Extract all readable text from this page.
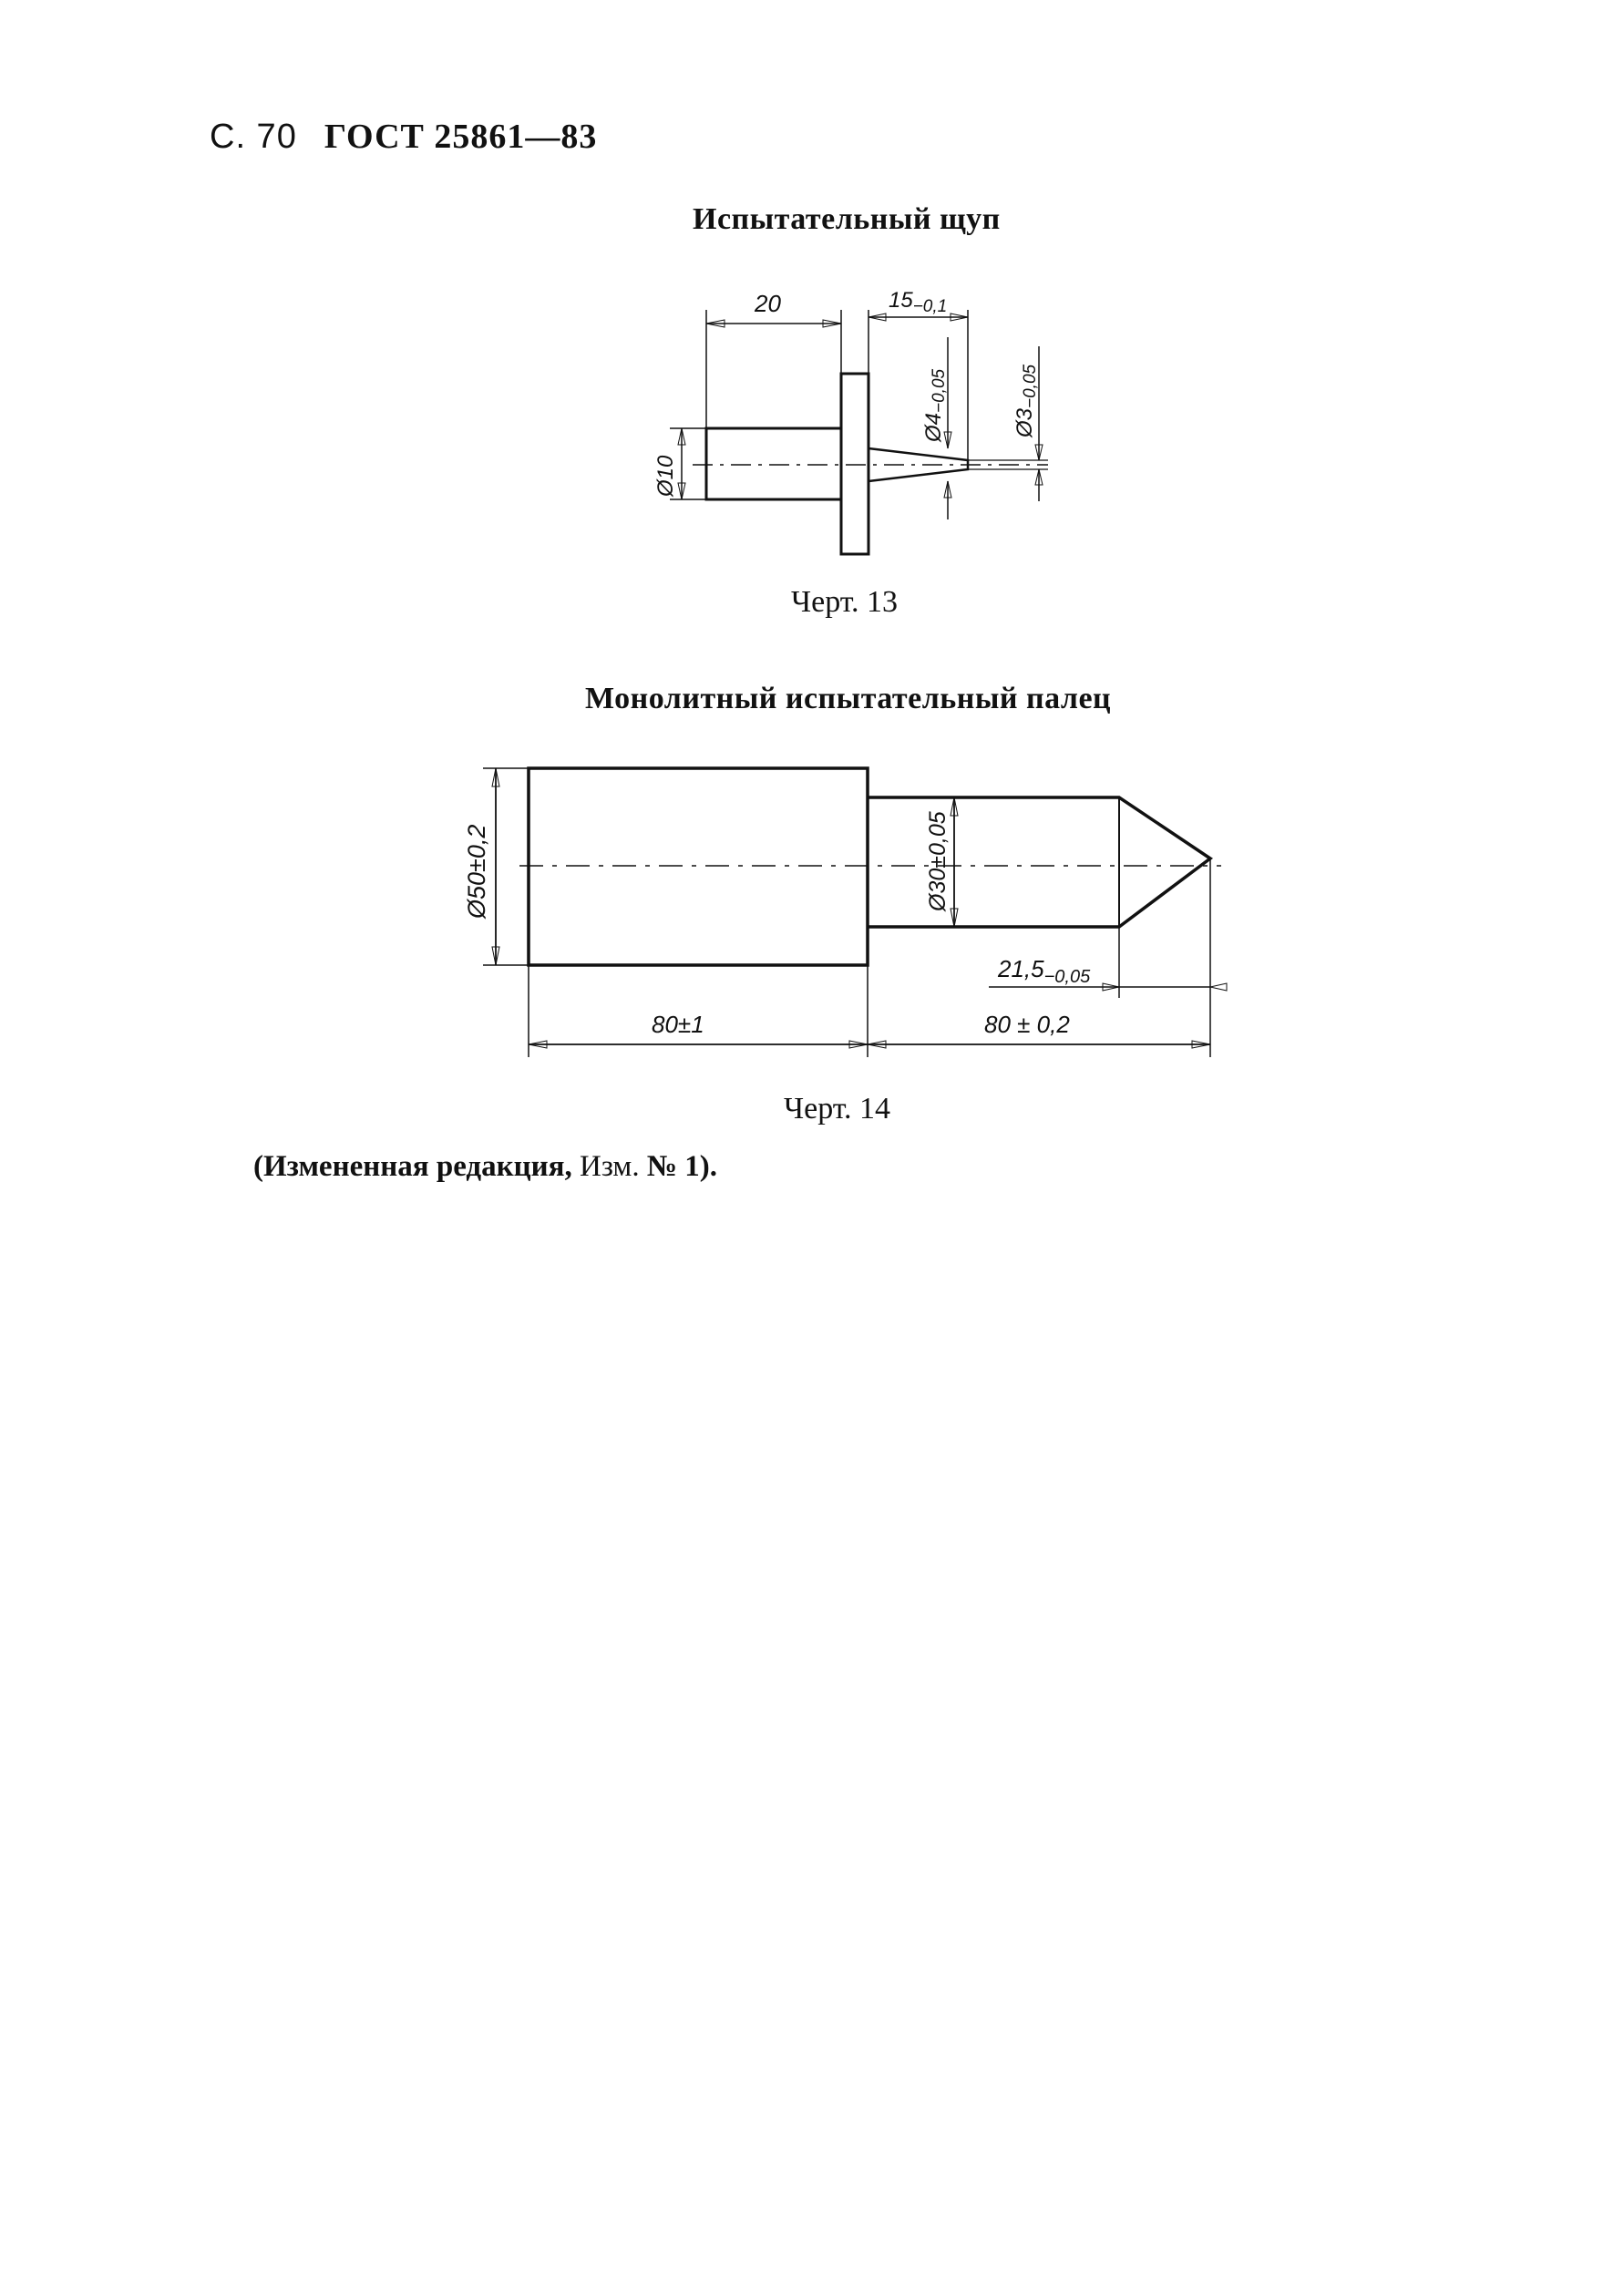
С. 70 ГОСТ 25861—83
Испытательный щуп
20	$15_{-0,1}$
Ø4−0,05
Ø3−0,05
Ø10
Черт. 13
Монолитный испытательный палец
Ø50±0,2	Ø30±0,05
$21,5_{-0,05}$
80±1	80 ± 0,2
Черт. 14
(Измененная редакция, Изм. № 1).
